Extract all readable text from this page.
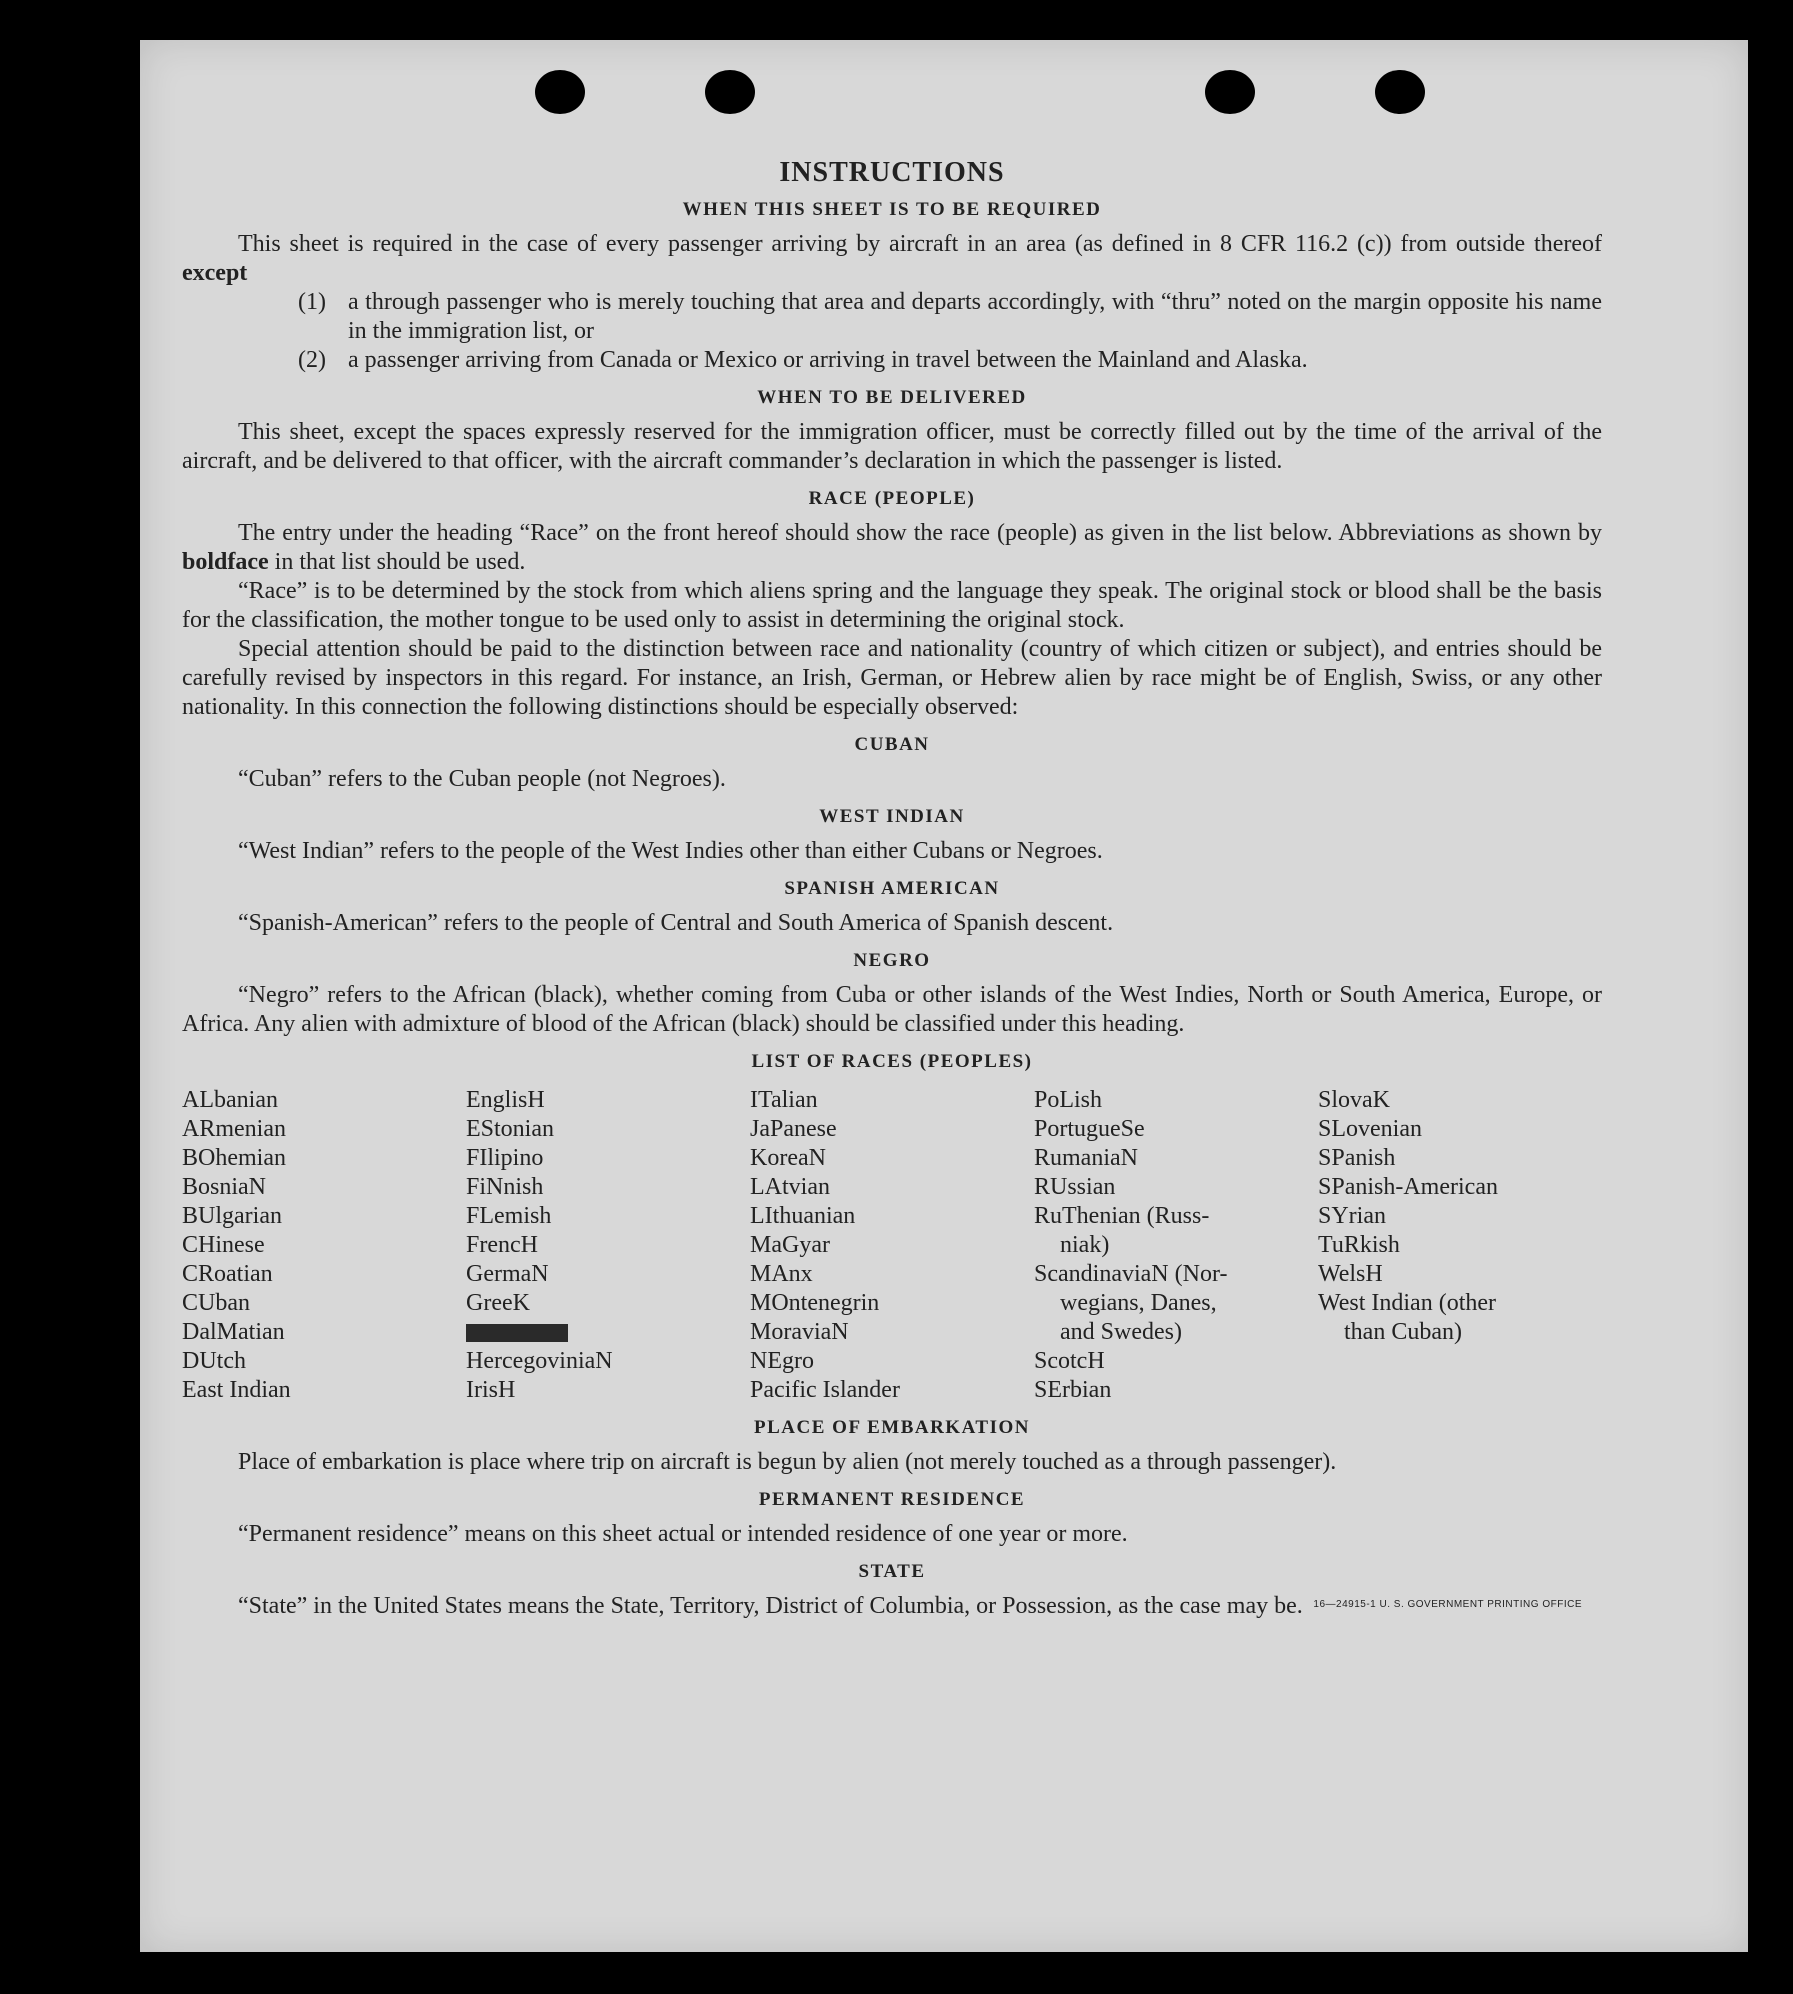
INSTRUCTIONS
WHEN THIS SHEET IS TO BE REQUIRED

This sheet is required in the case of every passenger arriving by aircraft in an area (as defined in 8 CFR 116.2 (c)) from outside thereof except

(1) a through passenger who is merely touching that area and departs accordingly, with “thru” noted on the margin opposite his name in the immigration list, or
(2) a passenger arriving from Canada or Mexico or arriving in travel between the Mainland and Alaska.
WHEN TO BE DELIVERED

This sheet, except the spaces expressly reserved for the immigration officer, must be correctly filled out by the time of the arrival of the aircraft, and be delivered to that officer, with the aircraft commander’s declaration in which the passenger is listed.

RACE (PEOPLE)

The entry under the heading “Race” on the front hereof should show the race (people) as given in the list below. Abbreviations as shown by boldface in that list should be used.

“Race” is to be determined by the stock from which aliens spring and the language they speak. The original stock or blood shall be the basis for the classification, the mother tongue to be used only to assist in determining the original stock.

Special attention should be paid to the distinction between race and nationality (country of which citizen or subject), and entries should be carefully revised by inspectors in this regard. For instance, an Irish, German, or Hebrew alien by race might be of English, Swiss, or any other nationality. In this connection the following distinctions should be especially observed:

CUBAN

“Cuban” refers to the Cuban people (not Negroes).

WEST INDIAN

“West Indian” refers to the people of the West Indies other than either Cubans or Negroes.

SPANISH AMERICAN

“Spanish-American” refers to the people of Central and South America of Spanish descent.

NEGRO

“Negro” refers to the African (black), whether coming from Cuba or other islands of the West Indies, North or South America, Europe, or Africa. Any alien with admixture of blood of the African (black) should be classified under this heading.

LIST OF RACES (PEOPLES)
ALbanian
ARmenian
BOhemian
BosniaN
BUlgarian
CHinese
CRoatian
CUban
DalMatian
DUtch
East Indian
EnglisH
EStonian
FIlipino
FiNnish
FLemish
FrencH
GermaN
GreeK
HercegoviniaN
IrisH
ITalian
JaPanese
KoreaN
LAtvian
LIthuanian
MaGyar
MAnx
MOntenegrin
MoraviaN
NEgro
Pacific Islander
PoLish
PortugueSe
RumaniaN
RUssian
RuThenian (Russ-
niak)
ScandinaviaN (Nor-
wegians, Danes,
and Swedes)
ScotcH
SErbian
SlovaK
SLovenian
SPanish
SPanish-American
SYrian
TuRkish
WelsH
West Indian (other
than Cuban)
PLACE OF EMBARKATION

Place of embarkation is place where trip on aircraft is begun by alien (not merely touched as a through passenger).

PERMANENT RESIDENCE

“Permanent residence” means on this sheet actual or intended residence of one year or more.

STATE

“State” in the United States means the State, Territory, District of Columbia, or Possession, as the case may be.	16—24915-1 U. S. GOVERNMENT PRINTING OFFICE
